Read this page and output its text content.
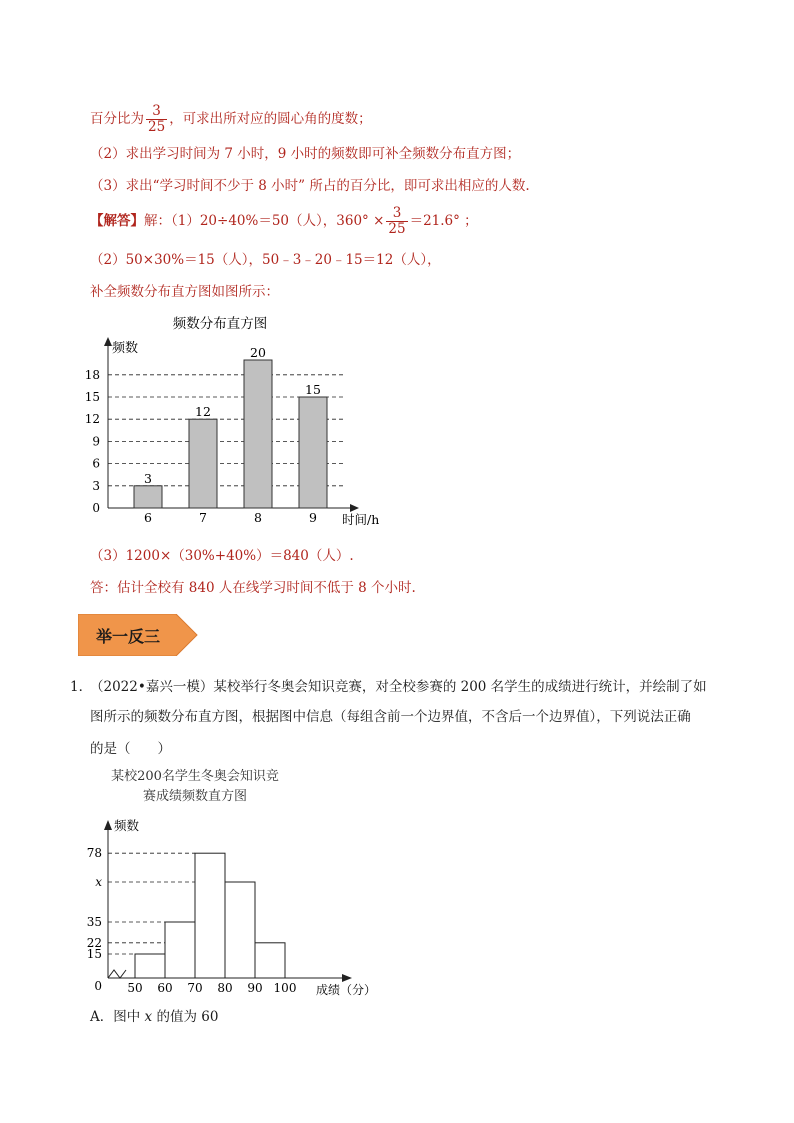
百分比为 $\frac{3}{25}$ ，可求出所对应的圆心角的度数；
（2）求出学习时间为 7 小时，9 小时的频数即可补全频数分布直方图；
（3）求出“学习时间不少于 8 小时” 所占的百分比，即可求出相应的人数.
【解答】解：（1）20÷40%＝50（人），$360^\circ \times \frac{3}{25} =21.6^\circ$ ；
（2）50×30%＝15（人），50﹣3﹣20﹣15＝12（人），
补全频数分布直方图如图所示：
频数分布直方图
频数
时间/h
0
3
6
9
12
15
18
3
6
12
7
20
8
15
9
（3）1200×（30%+40%）＝840（人）.
答：估计全校有 840 人在线学习时间不低于 8 个小时.
举一反三
1．
（2022•嘉兴一模）某校举行冬奥会知识竞赛，对全校参赛的 200 名学生的成绩进行统计，并绘制了如
图所示的频数分布直方图，根据图中信息（每组含前一个边界值，不含后一个边界值），下列说法正确
的是（　　）
某校200名学生冬奥会知识竞
赛成绩频数直方图
频数
成绩（分）
15
22
35
x
78
0 50 60 70 80 90 100
A．图中 x 的值为 60
